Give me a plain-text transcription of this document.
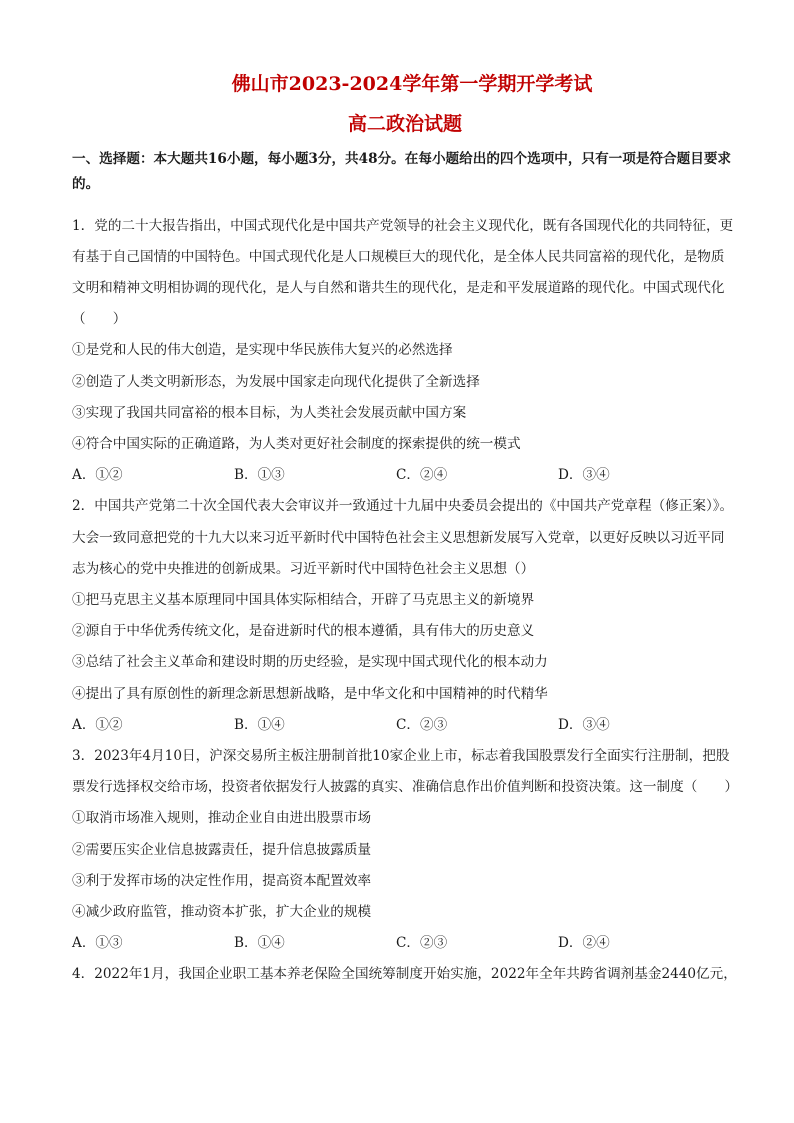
佛山市2023-2024学年第一学期开学考试
高二政治试题

一、选择题：本大题共16小题，每小题3分，共48分。在每小题给出的四个选项中，只有一项是符合题目要求的。

1．党的二十大报告指出，中国式现代化是中国共产党领导的社会主义现代化，既有各国现代化的共同特征，更有基于自己国情的中国特色。中国式现代化是人口规模巨大的现代化，是全体人民共同富裕的现代化，是物质文明和精神文明相协调的现代化，是人与自然和谐共生的现代化，是走和平发展道路的现代化。中国式现代化（　　）

①是党和人民的伟大创造，是实现中华民族伟大复兴的必然选择

②创造了人类文明新形态，为发展中国家走向现代化提供了全新选择

③实现了我国共同富裕的根本目标，为人类社会发展贡献中国方案

④符合中国实际的正确道路，为人类对更好社会制度的探索提供的统一模式

A．①②	B．①③	C．②④	D．③④

2．中国共产党第二十次全国代表大会审议并一致通过十九届中央委员会提出的《中国共产党章程（修正案）》。大会一致同意把党的十九大以来习近平新时代中国特色社会主义思想新发展写入党章，以更好反映以习近平同志为核心的党中央推进的创新成果。习近平新时代中国特色社会主义思想（）

①把马克思主义基本原理同中国具体实际相结合，开辟了马克思主义的新境界

②源自于中华优秀传统文化，是奋进新时代的根本遵循，具有伟大的历史意义

③总结了社会主义革命和建设时期的历史经验，是实现中国式现代化的根本动力

④提出了具有原创性的新理念新思想新战略，是中华文化和中国精神的时代精华

A．①②	B．①④	C．②③	D．③④

3．2023年4月10日，沪深交易所主板注册制首批10家企业上市，标志着我国股票发行全面实行注册制，把股票发行选择权交给市场，投资者依据发行人披露的真实、准确信息作出价值判断和投资决策。这一制度（　　）

①取消市场准入规则，推动企业自由进出股票市场

②需要压实企业信息披露责任，提升信息披露质量

③利于发挥市场的决定性作用，提高资本配置效率

④减少政府监管，推动资本扩张，扩大企业的规模

A．①③	B．①④	C．②③	D．②④

4．2022年1月，我国企业职工基本养老保险全国统筹制度开始实施，2022年全年共跨省调剂基金2440亿元，
